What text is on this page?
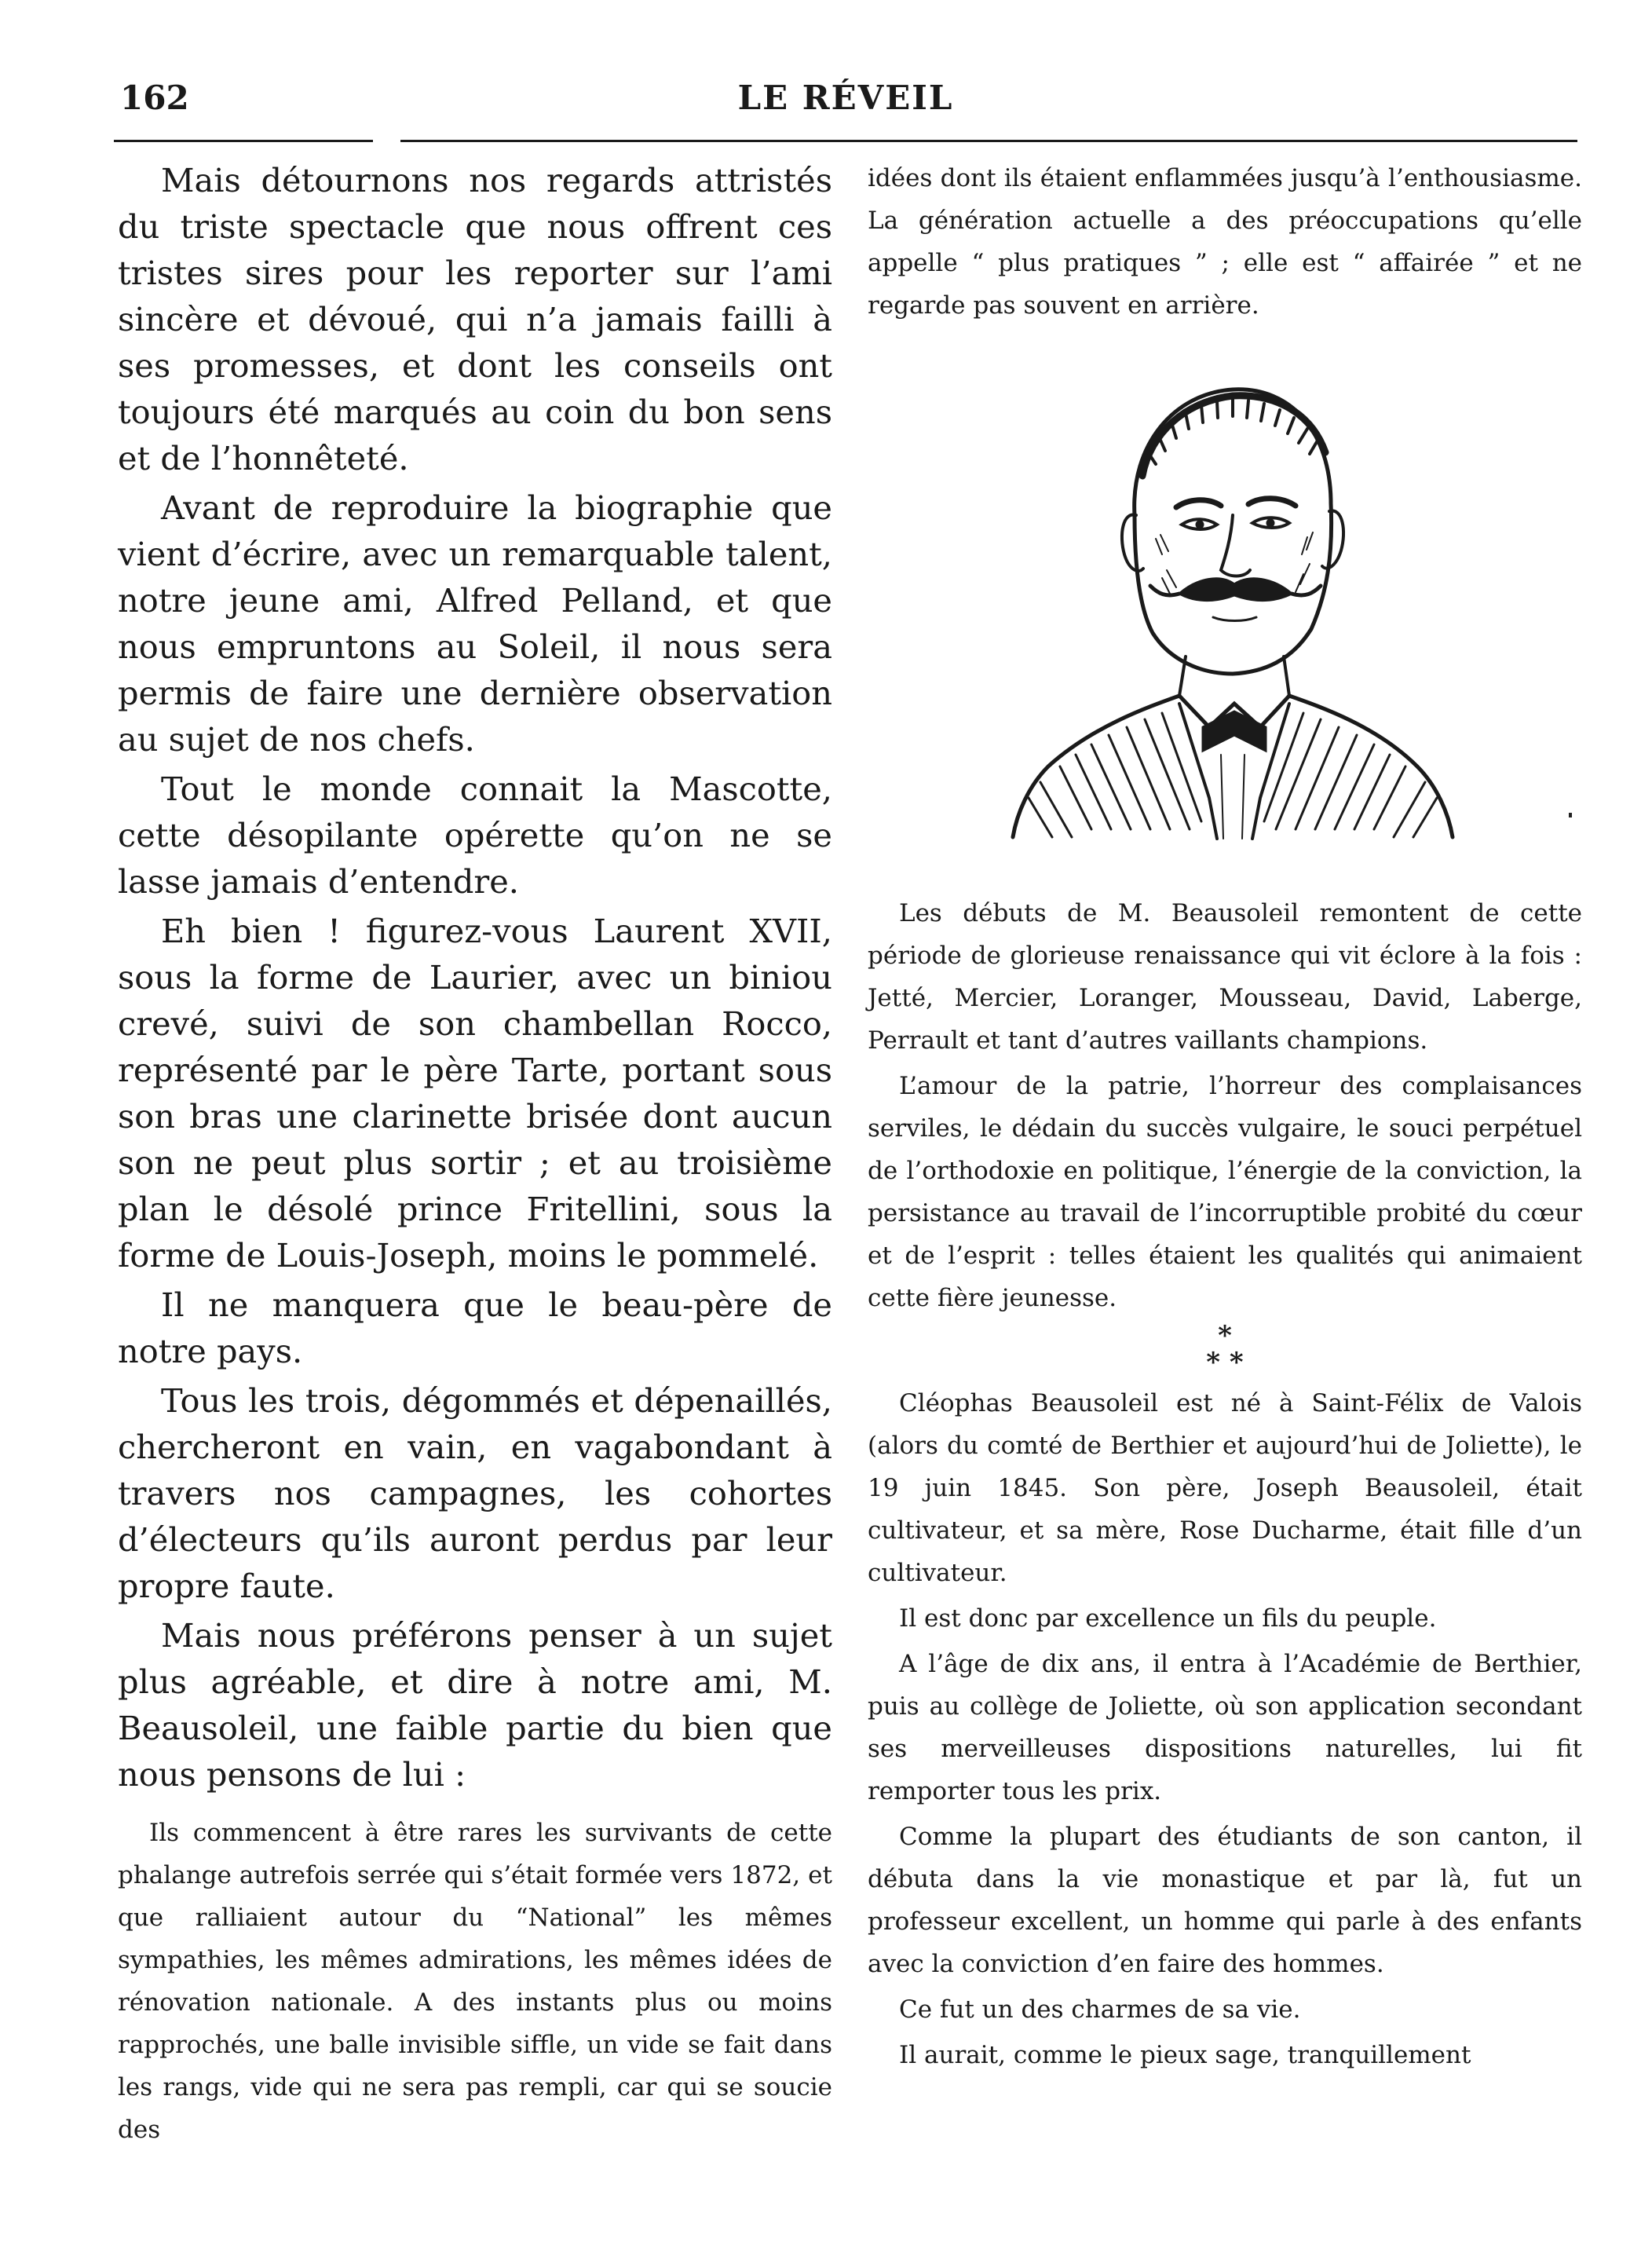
162	LE RÉVEIL

Mais détournons nos regards attristés du triste spectacle que nous offrent ces tristes sires pour les reporter sur l’ami sincère et dévoué, qui n’a jamais failli à ses promesses, et dont les conseils ont toujours été marqués au coin du bon sens et de l’honnêteté.

Avant de reproduire la biographie que vient d’écrire, avec un remarquable talent, notre jeune ami, Alfred Pelland, et que nous empruntons au Soleil, il nous sera permis de faire une dernière observation au sujet de nos chefs.

Tout le monde connait la Mascotte, cette désopilante opérette qu’on ne se lasse jamais d’entendre.

Eh bien ! figurez-vous Laurent XVII, sous la forme de Laurier, avec un biniou crevé, suivi de son chambellan Rocco, représenté par le père Tarte, portant sous son bras une clarinette brisée dont aucun son ne peut plus sortir ; et au troisième plan le désolé prince Fritellini, sous la forme de Louis-Joseph, moins le pommelé.

Il ne manquera que le beau-père de notre pays.

Tous les trois, dégommés et dépenaillés, chercheront en vain, en vagabondant à travers nos campagnes, les cohortes d’électeurs qu’ils auront perdus par leur propre faute.

Mais nous préférons penser à un sujet plus agréable, et dire à notre ami, M. Beausoleil, une faible partie du bien que nous pensons de lui :

Ils commencent à être rares les survivants de cette phalange autrefois serrée qui s’était formée vers 1872, et que ralliaient autour du “National” les mêmes sympathies, les mêmes admirations, les mêmes idées de rénovation nationale. A des instants plus ou moins rapprochés, une balle invisible siffle, un vide se fait dans les rangs, vide qui ne sera pas rempli, car qui se soucie des

idées dont ils étaient enflammées jusqu’à l’enthousiasme. La génération actuelle a des préoccupations qu’elle appelle “ plus pratiques ” ; elle est “ affairée ” et ne regarde pas souvent en arrière.

Les débuts de M. Beausoleil remontent de cette période de glorieuse renaissance qui vit éclore à la fois : Jetté, Mercier, Loranger, Mousseau, David, Laberge, Perrault et tant d’autres vaillants champions.

L’amour de la patrie, l’horreur des complaisances serviles, le dédain du succès vulgaire, le souci perpétuel de l’orthodoxie en politique, l’énergie de la conviction, la persistance au travail de l’incorruptible probité du cœur et de l’esprit : telles étaient les qualités qui animaient cette fière jeunesse.

*
* *

Cléophas Beausoleil est né à Saint-Félix de Valois (alors du comté de Berthier et aujourd’hui de Joliette), le 19 juin 1845. Son père, Joseph Beausoleil, était cultivateur, et sa mère, Rose Ducharme, était fille d’un cultivateur.

Il est donc par excellence un fils du peuple.

A l’âge de dix ans, il entra à l’Académie de Berthier, puis au collège de Joliette, où son application secondant ses merveilleuses dispositions naturelles, lui fit remporter tous les prix.

Comme la plupart des étudiants de son canton, il débuta dans la vie monastique et par là, fut un professeur excellent, un homme qui parle à des enfants avec la conviction d’en faire des hommes.

Ce fut un des charmes de sa vie.

Il aurait, comme le pieux sage, tranquillement
